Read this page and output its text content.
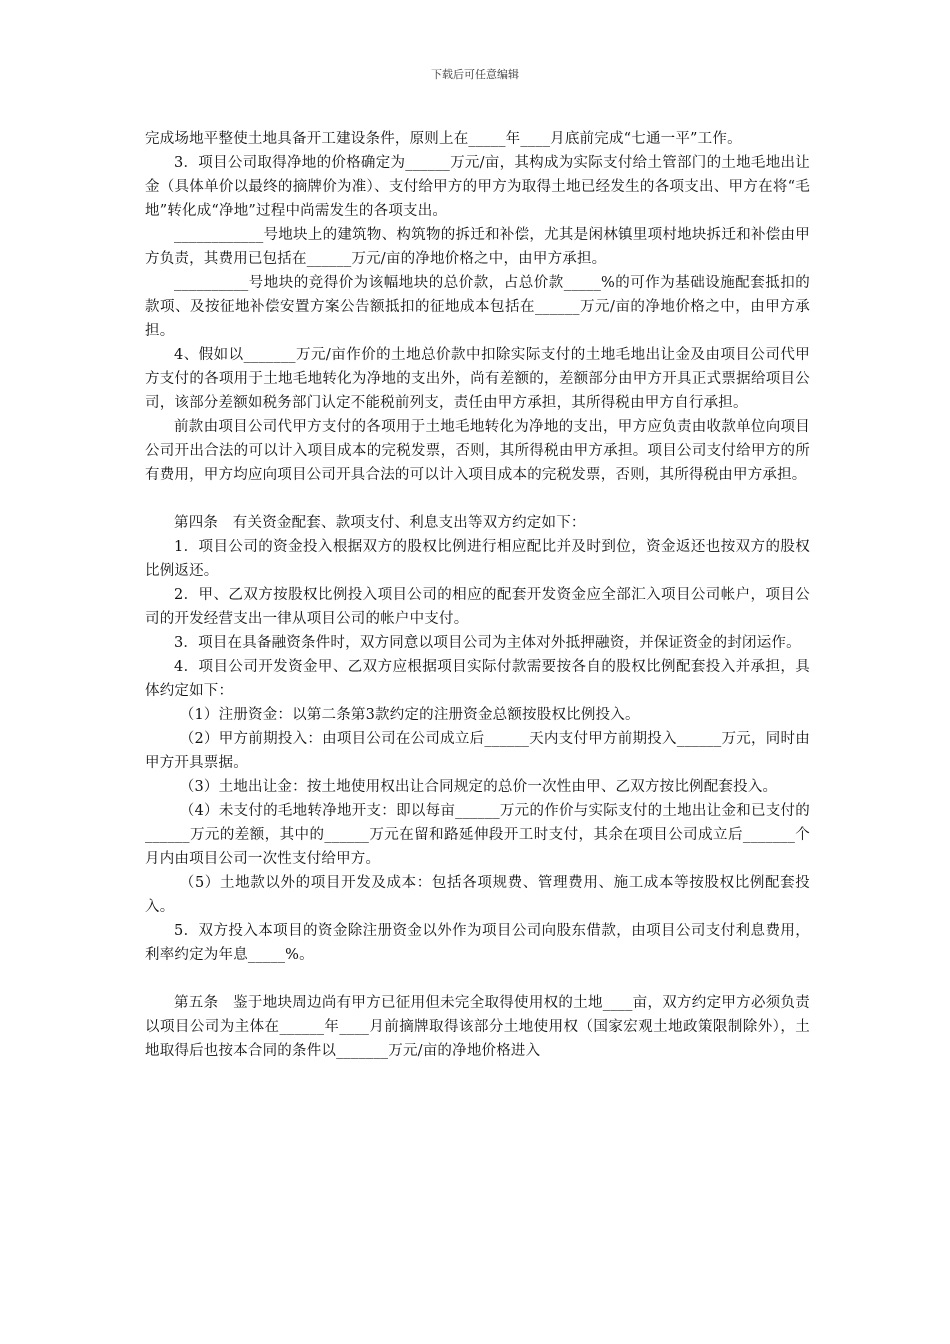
下载后可任意编辑

完成场地平整使土地具备开工建设条件，原则上在_____年____月底前完成“七通一平”工作。

3．项目公司取得净地的价格确定为______万元/亩，其构成为实际支付给土管部门的土地毛地出让金（具体单价以最终的摘牌价为准）、支付给甲方的甲方为取得土地已经发生的各项支出、甲方在将“毛地”转化成“净地”过程中尚需发生的各项支出。

____________号地块上的建筑物、构筑物的拆迁和补偿，尤其是闲林镇里项村地块拆迁和补偿由甲方负责，其费用已包括在______万元/亩的净地价格之中，由甲方承担。

__________号地块的竞得价为该幅地块的总价款，占总价款_____%的可作为基础设施配套抵扣的款项、及按征地补偿安置方案公告额抵扣的征地成本包括在______万元/亩的净地价格之中，由甲方承担。

4、假如以_______万元/亩作价的土地总价款中扣除实际支付的土地毛地出让金及由项目公司代甲方支付的各项用于土地毛地转化为净地的支出外，尚有差额的，差额部分由甲方开具正式票据给项目公司，该部分差额如税务部门认定不能税前列支，责任由甲方承担，其所得税由甲方自行承担。

前款由项目公司代甲方支付的各项用于土地毛地转化为净地的支出，甲方应负责由收款单位向项目公司开出合法的可以计入项目成本的完税发票，否则，其所得税由甲方承担。项目公司支付给甲方的所有费用，甲方均应向项目公司开具合法的可以计入项目成本的完税发票，否则，其所得税由甲方承担。

第四条　有关资金配套、款项支付、利息支出等双方约定如下：

1．项目公司的资金投入根据双方的股权比例进行相应配比并及时到位，资金返还也按双方的股权比例返还。

2．甲、乙双方按股权比例投入项目公司的相应的配套开发资金应全部汇入项目公司帐户，项目公司的开发经营支出一律从项目公司的帐户中支付。

3．项目在具备融资条件时，双方同意以项目公司为主体对外抵押融资，并保证资金的封闭运作。

4．项目公司开发资金甲、乙双方应根据项目实际付款需要按各自的股权比例配套投入并承担，具体约定如下：

（1）注册资金：以第二条第3款约定的注册资金总额按股权比例投入。

（2）甲方前期投入：由项目公司在公司成立后______天内支付甲方前期投入______万元，同时由甲方开具票据。

（3）土地出让金：按土地使用权出让合同规定的总价一次性由甲、乙双方按比例配套投入。

（4）未支付的毛地转净地开支：即以每亩______万元的作价与实际支付的土地出让金和已支付的______万元的差额，其中的______万元在留和路延伸段开工时支付，其余在项目公司成立后_______个月内由项目公司一次性支付给甲方。

（5）土地款以外的项目开发及成本：包括各项规费、管理费用、施工成本等按股权比例配套投入。

5．双方投入本项目的资金除注册资金以外作为项目公司向股东借款，由项目公司支付利息费用，利率约定为年息_____%。

第五条　鉴于地块周边尚有甲方已征用但未完全取得使用权的土地____亩，双方约定甲方必须负责以项目公司为主体在______年____月前摘牌取得该部分土地使用权（国家宏观土地政策限制除外），土地取得后也按本合同的条件以_______万元/亩的净地价格进入
